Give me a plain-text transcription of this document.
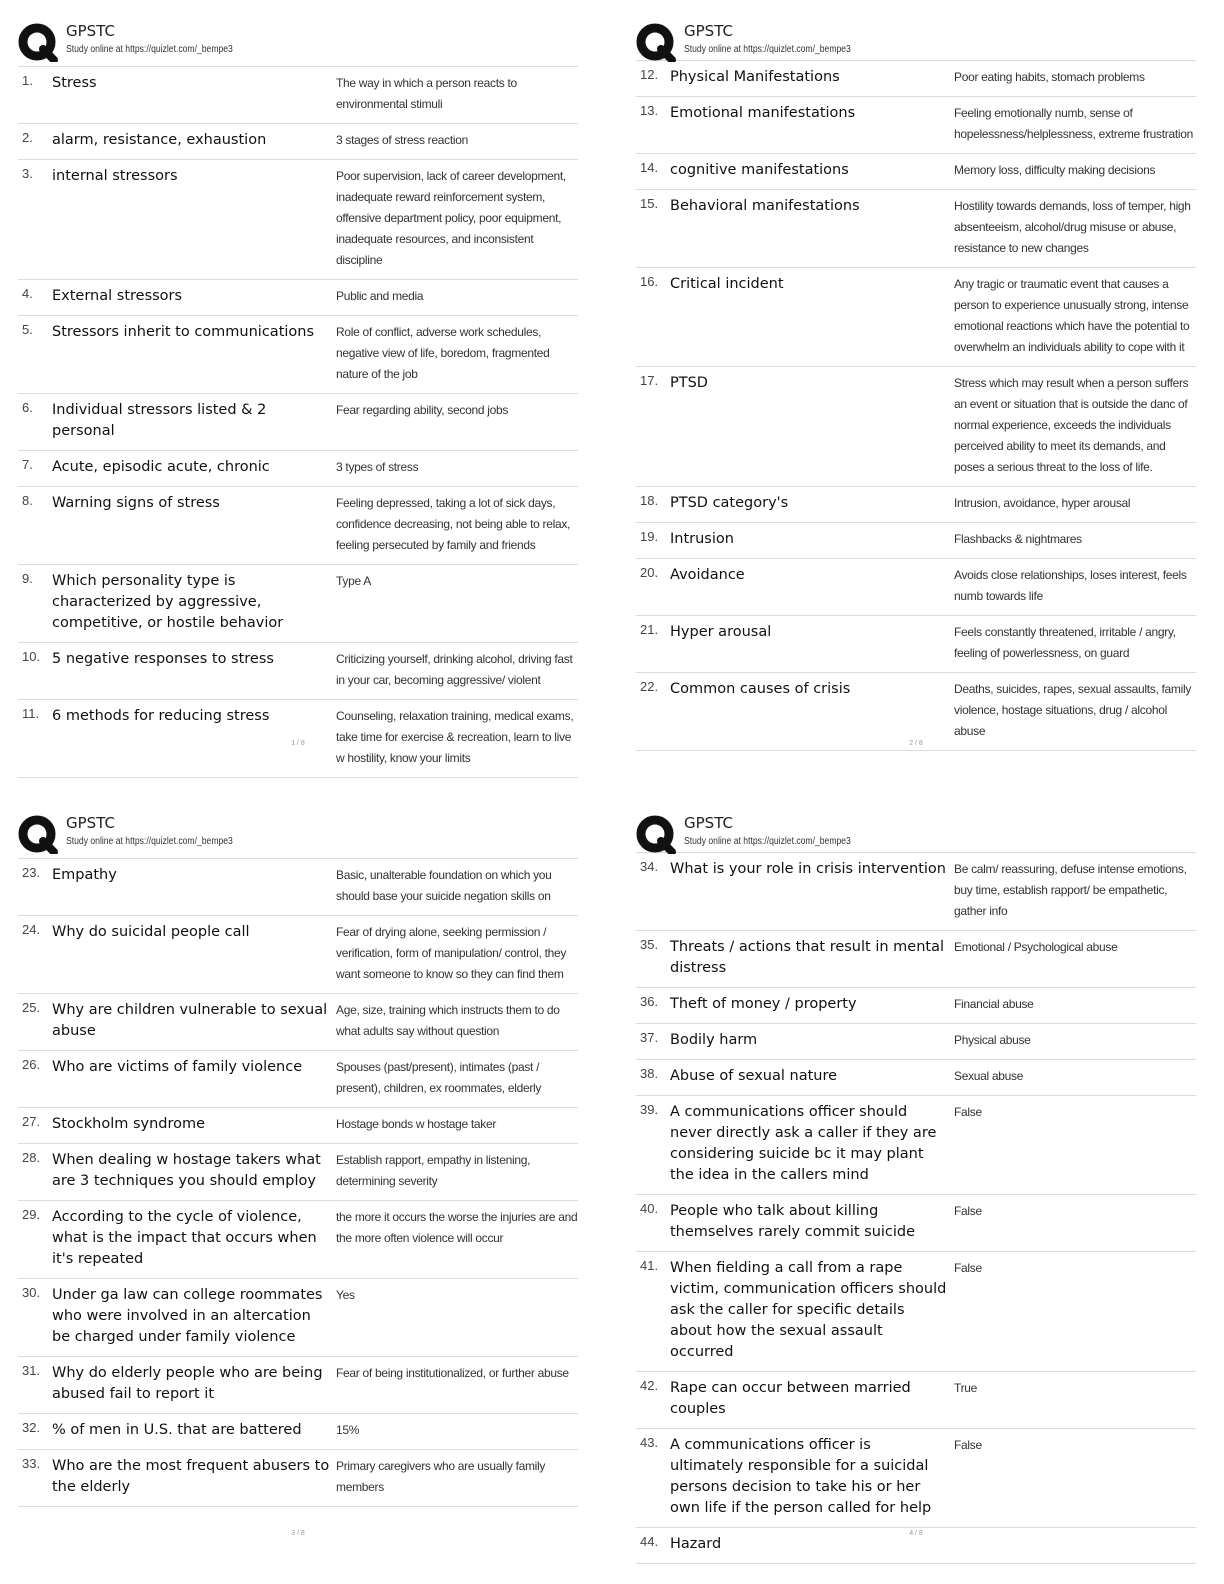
GPSTC
Study online at https://quizlet.com/_bempe3
1.	Stress	The way in which a person reacts to environmental stimuli
2.	alarm, resistance, exhaustion	3 stages of stress reaction
3.	internal stressors	Poor supervision, lack of career development, inadequate reward reinforcement system, offensive department policy, poor equipment, inadequate resources, and inconsistent discipline
4.	External stressors	Public and media
5.	Stressors inherit to communications	Role of conflict, adverse work schedules, negative view of life, boredom, fragmented nature of the job
6.	Individual stressors listed & 2 personal	Fear regarding ability, second jobs
7.	Acute, episodic acute, chronic	3 types of stress
8.	Warning signs of stress	Feeling depressed, taking a lot of sick days, confidence decreasing, not being able to relax, feeling persecuted by family and friends
9.	Which personality type is characterized by aggressive, competitive, or hostile behavior	Type A
10.	5 negative responses to stress	Criticizing yourself, drinking alcohol, driving fast in your car, becoming aggressive/ violent
11.	6 methods for reducing stress	Counseling, relaxation training, medical exams, take time for exercise & recreation, learn to live w hostility, know your limits
1 / 8
GPSTC
Study online at https://quizlet.com/_bempe3
12.	Physical Manifestations	Poor eating habits, stomach problems
13.	Emotional manifestations	Feeling emotionally numb, sense of hopelessness/helplessness, extreme frustration
14.	cognitive manifestations	Memory loss, difficulty making decisions
15.	Behavioral manifestations	Hostility towards demands, loss of temper, high absenteeism, alcohol/drug misuse or abuse, resistance to new changes
16.	Critical incident	Any tragic or traumatic event that causes a person to experience unusually strong, intense emotional reactions which have the potential to overwhelm an individuals ability to cope with it
17.	PTSD	Stress which may result when a person suffers an event or situation that is outside the danc of normal experience, exceeds the individuals perceived ability to meet its demands, and poses a serious threat to the loss of life.
18.	PTSD category's	Intrusion, avoidance, hyper arousal
19.	Intrusion	Flashbacks & nightmares
20.	Avoidance	Avoids close relationships, loses interest, feels numb towards life
21.	Hyper arousal	Feels constantly threatened, irritable / angry, feeling of powerlessness, on guard
22.	Common causes of crisis	Deaths, suicides, rapes, sexual assaults, family violence, hostage situations, drug / alcohol abuse
2 / 8
GPSTC
Study online at https://quizlet.com/_bempe3
23.	Empathy	Basic, unalterable foundation on which you should base your suicide negation skills on
24.	Why do suicidal people call	Fear of drying alone, seeking permission / verification, form of manipulation/ control, they want someone to know so they can find them
25.	Why are children vulnerable to sexual abuse	Age, size, training which instructs them to do what adults say without question
26.	Who are victims of family violence	Spouses (past/present), intimates (past / present), children, ex roommates, elderly
27.	Stockholm syndrome	Hostage bonds w hostage taker
28.	When dealing w hostage takers what are 3 techniques you should employ	Establish rapport, empathy in listening, determining severity
29.	According to the cycle of violence, what is the impact that occurs when it's repeated	the more it occurs the worse the injuries are and the more often violence will occur
30.	Under ga law can college roommates who were involved in an altercation be charged under family violence	Yes
31.	Why do elderly people who are being abused fail to report it	Fear of being institutionalized, or further abuse
32.	% of men in U.S. that are battered	15%
33.	Who are the most frequent abusers to the elderly	Primary caregivers who are usually family members
3 / 8
GPSTC
Study online at https://quizlet.com/_bempe3
34.	What is your role in crisis intervention	Be calm/ reassuring, defuse intense emotions, buy time, establish rapport/ be empathetic, gather info
35.	Threats / actions that result in mental distress	Emotional / Psychological abuse
36.	Theft of money / property	Financial abuse
37.	Bodily harm	Physical abuse
38.	Abuse of sexual nature	Sexual abuse
39.	A communications officer should never directly ask a caller if they are considering suicide bc it may plant the idea in the callers mind	False
40.	People who talk about killing themselves rarely commit suicide	False
41.	When fielding a call from a rape victim, communication officers should ask the caller for specific details about how the sexual assault occurred	False
42.	Rape can occur between married couples	True
43.	A communications officer is ultimately responsible for a suicidal persons decision to take his or her own life if the person called for help	False
44.	Hazard	
4 / 8
